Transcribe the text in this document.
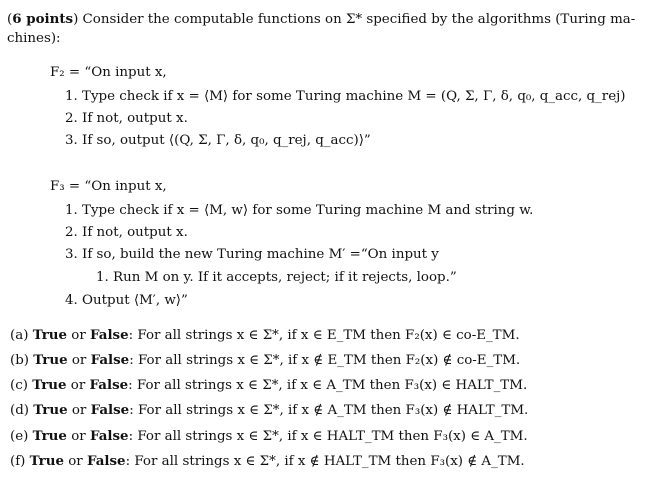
(6 points) Consider the computable functions on Σ* specified by the algorithms (Turing ma-
chines):
F₂ = “On input x,
1. Type check if x = ⟨M⟩ for some Turing machine M = (Q, Σ, Γ, δ, q₀, q_acc, q_rej)
2. If not, output x.
3. If so, output ⟨(Q, Σ, Γ, δ, q₀, q_rej, q_acc)⟩”
F₃ = “On input x,
1. Type check if x = ⟨M, w⟩ for some Turing machine M and string w.
2. If not, output x.
3. If so, build the new Turing machine M′ =“On input y
1. Run M on y. If it accepts, reject; if it rejects, loop.”
4. Output ⟨M′, w⟩”
(a) True or False: For all strings x ∈ Σ*, if x ∈ E_TM then F₂(x) ∈ co-E_TM.
(b) True or False: For all strings x ∈ Σ*, if x ∉ E_TM then F₂(x) ∉ co-E_TM.
(c) True or False: For all strings x ∈ Σ*, if x ∈ A_TM then F₃(x) ∈ HALT_TM.
(d) True or False: For all strings x ∈ Σ*, if x ∉ A_TM then F₃(x) ∉ HALT_TM.
(e) True or False: For all strings x ∈ Σ*, if x ∈ HALT_TM then F₃(x) ∈ A_TM.
(f) True or False: For all strings x ∈ Σ*, if x ∉ HALT_TM then F₃(x) ∉ A_TM.
